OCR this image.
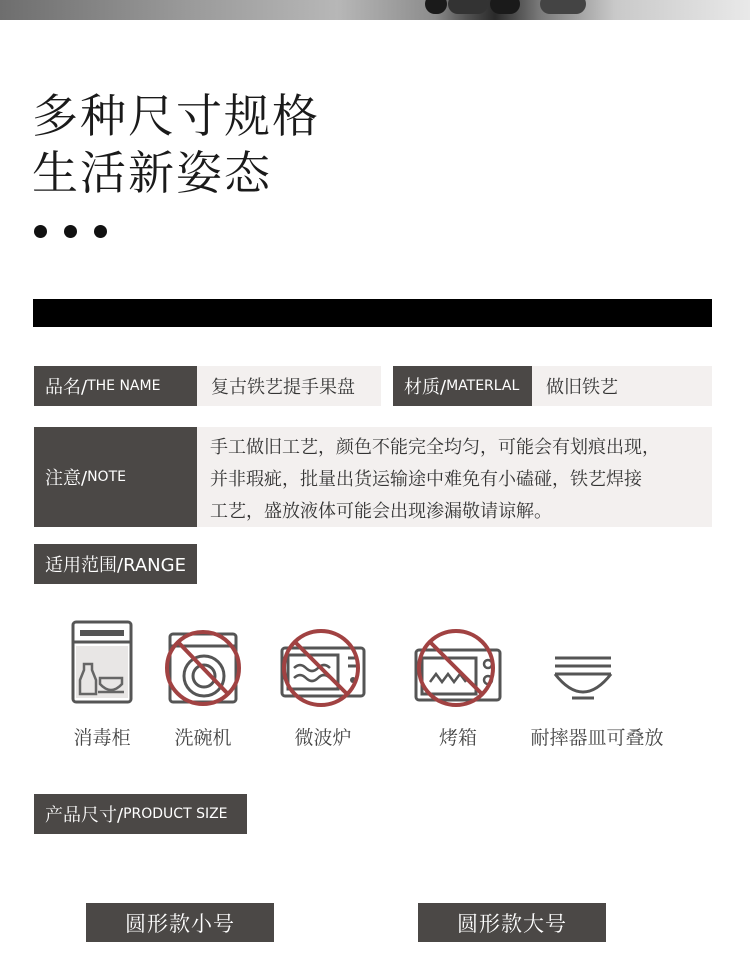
多种尺寸规格
生活新姿态
品名/ THE NAME	复古铁艺提手果盘	材质/ MATERLAL	做旧铁艺
注意/ NOTE
手工做旧工艺，颜色不能完全均匀，可能会有划痕出现，
并非瑕疵，批量出货运输途中难免有小磕碰，铁艺焊接
工艺，盛放液体可能会出现渗漏敬请谅解。
适用范围/RANGE
消毒柜	洗碗机	微波炉	烤箱	耐摔器皿可叠放
产品尺寸/ PRODUCT SIZE
圆形款小号	圆形款大号
